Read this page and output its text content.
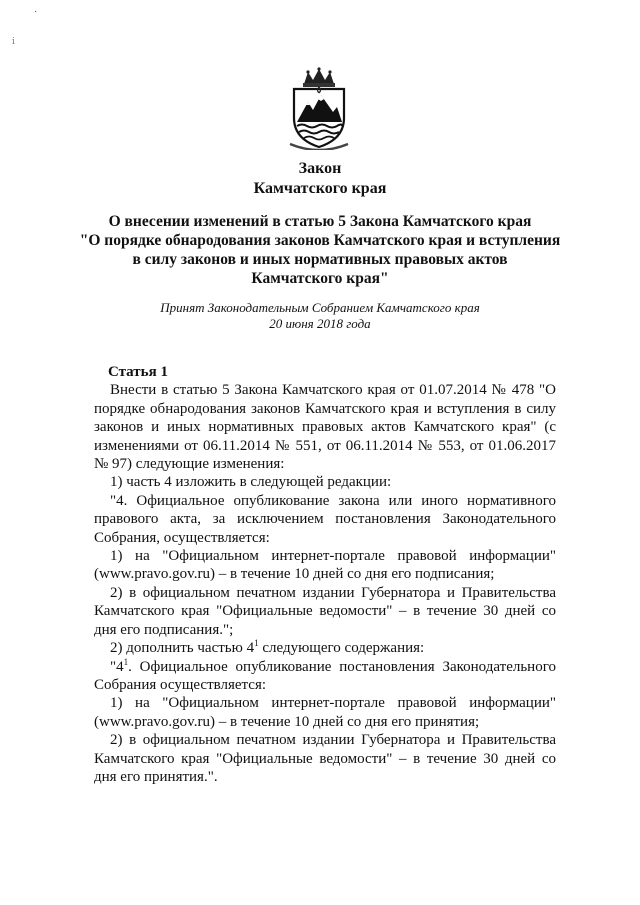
˙
ⅰ
Закон
Камчатского края
О внесении изменений в статью 5 Закона Камчатского края
"О порядке обнародования законов Камчатского края и вступления
в силу законов и иных нормативных правовых актов
Камчатского края"
Принят Законодательным Собранием Камчатского края
20 июня 2018 года
Статья 1

Внести в статью 5 Закона Камчатского края от 01.07.2014 № 478 "О порядке обнародования законов Камчатского края и вступления в силу законов и иных нормативных правовых актов Камчатского края" (с изменениями от 06.11.2014 № 551, от 06.11.2014 № 553, от 01.06.2017 № 97) следующие изменения:

1) часть 4 изложить в следующей редакции:

"4. Официальное опубликование закона или иного нормативного правового акта, за исключением постановления Законодательного Собрания, осуществляется:

1) на "Официальном интернет-портале правовой информации" (www.pravo.gov.ru) – в течение 10 дней со дня его подписания;

2) в официальном печатном издании Губернатора и Правительства Камчатского края "Официальные ведомости" – в течение 30 дней со дня его подписания.";

2) дополнить частью $4^1$ следующего содержания:

"$4^1$. Официальное опубликование постановления Законодательного Собрания осуществляется:

1) на "Официальном интернет-портале правовой информации" (www.pravo.gov.ru) – в течение 10 дней со дня его принятия;

2) в официальном печатном издании Губернатора и Правительства Камчатского края "Официальные ведомости" – в течение 30 дней со дня его принятия.".
